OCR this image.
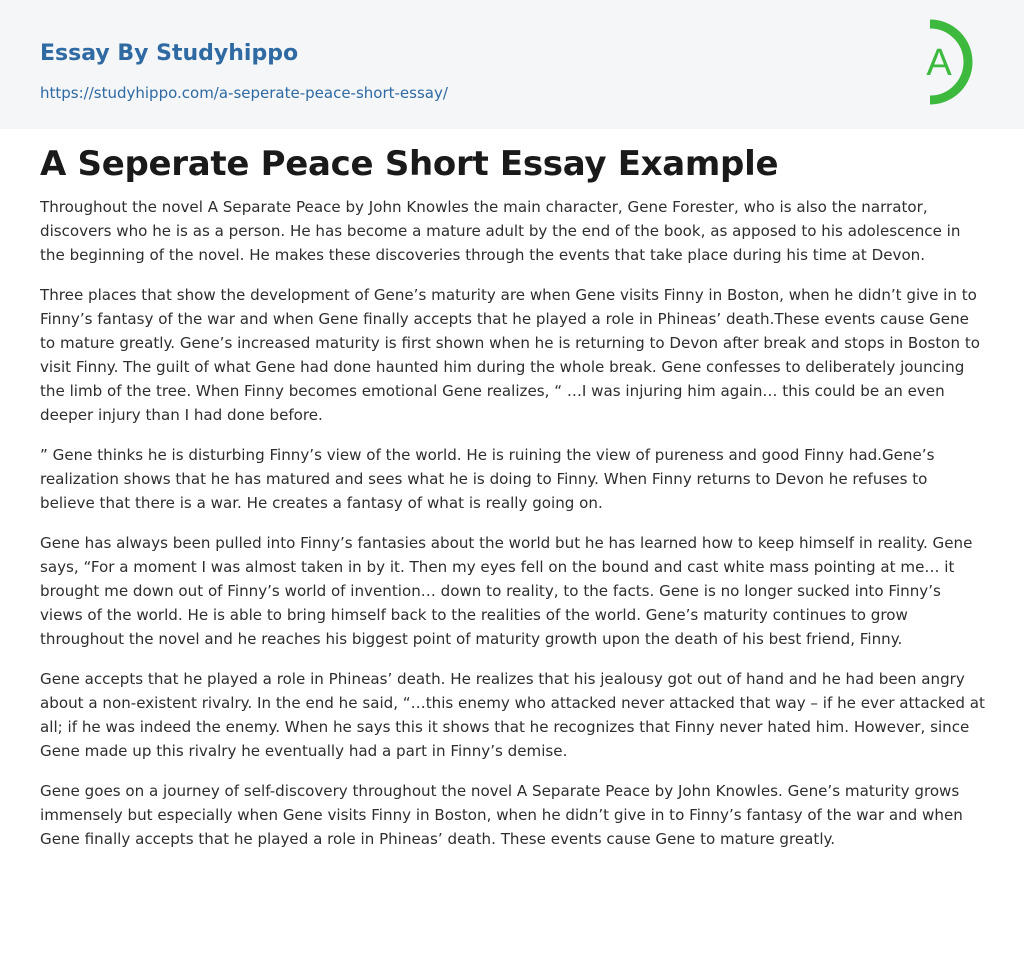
Essay By Studyhippo
https://studyhippo.com/a-seperate-peace-short-essay/
A
A Seperate Peace Short Essay Example

Throughout the novel A Separate Peace by John Knowles the main character, Gene Forester, who is also the narrator, discovers who he is as a person. He has become a mature adult by the end of the book, as apposed to his adolescence in the beginning of the novel. He makes these discoveries through the events that take place during his time at Devon.

Three places that show the development of Gene’s maturity are when Gene visits Finny in Boston, when he didn’t give in to Finny’s fantasy of the war and when Gene finally accepts that he played a role in Phineas’ death.These events cause Gene to mature greatly. Gene’s increased maturity is first shown when he is returning to Devon after break and stops in Boston to visit Finny. The guilt of what Gene had done haunted him during the whole break. Gene confesses to deliberately jouncing the limb of the tree. When Finny becomes emotional Gene realizes, “ …I was injuring him again… this could be an even deeper injury than I had done before.

” Gene thinks he is disturbing Finny’s view of the world. He is ruining the view of pureness and good Finny had.Gene’s realization shows that he has matured and sees what he is doing to Finny. When Finny returns to Devon he refuses to believe that there is a war. He creates a fantasy of what is really going on.

Gene has always been pulled into Finny’s fantasies about the world but he has learned how to keep himself in reality. Gene says, “For a moment I was almost taken in by it. Then my eyes fell on the bound and cast white mass pointing at me… it brought me down out of Finny’s world of invention… down to reality, to the facts. Gene is no longer sucked into Finny’s views of the world. He is able to bring himself back to the realities of the world. Gene’s maturity continues to grow throughout the novel and he reaches his biggest point of maturity growth upon the death of his best friend, Finny.

Gene accepts that he played a role in Phineas’ death. He realizes that his jealousy got out of hand and he had been angry about a non-existent rivalry. In the end he said, “…this enemy who attacked never attacked that way – if he ever attacked at all; if he was indeed the enemy. When he says this it shows that he recognizes that Finny never hated him. However, since Gene made up this rivalry he eventually had a part in Finny’s demise.

Gene goes on a journey of self-discovery throughout the novel A Separate Peace by John Knowles. Gene’s maturity grows immensely but especially when Gene visits Finny in Boston, when he didn’t give in to Finny’s fantasy of the war and when Gene finally accepts that he played a role in Phineas’ death. These events cause Gene to mature greatly.
